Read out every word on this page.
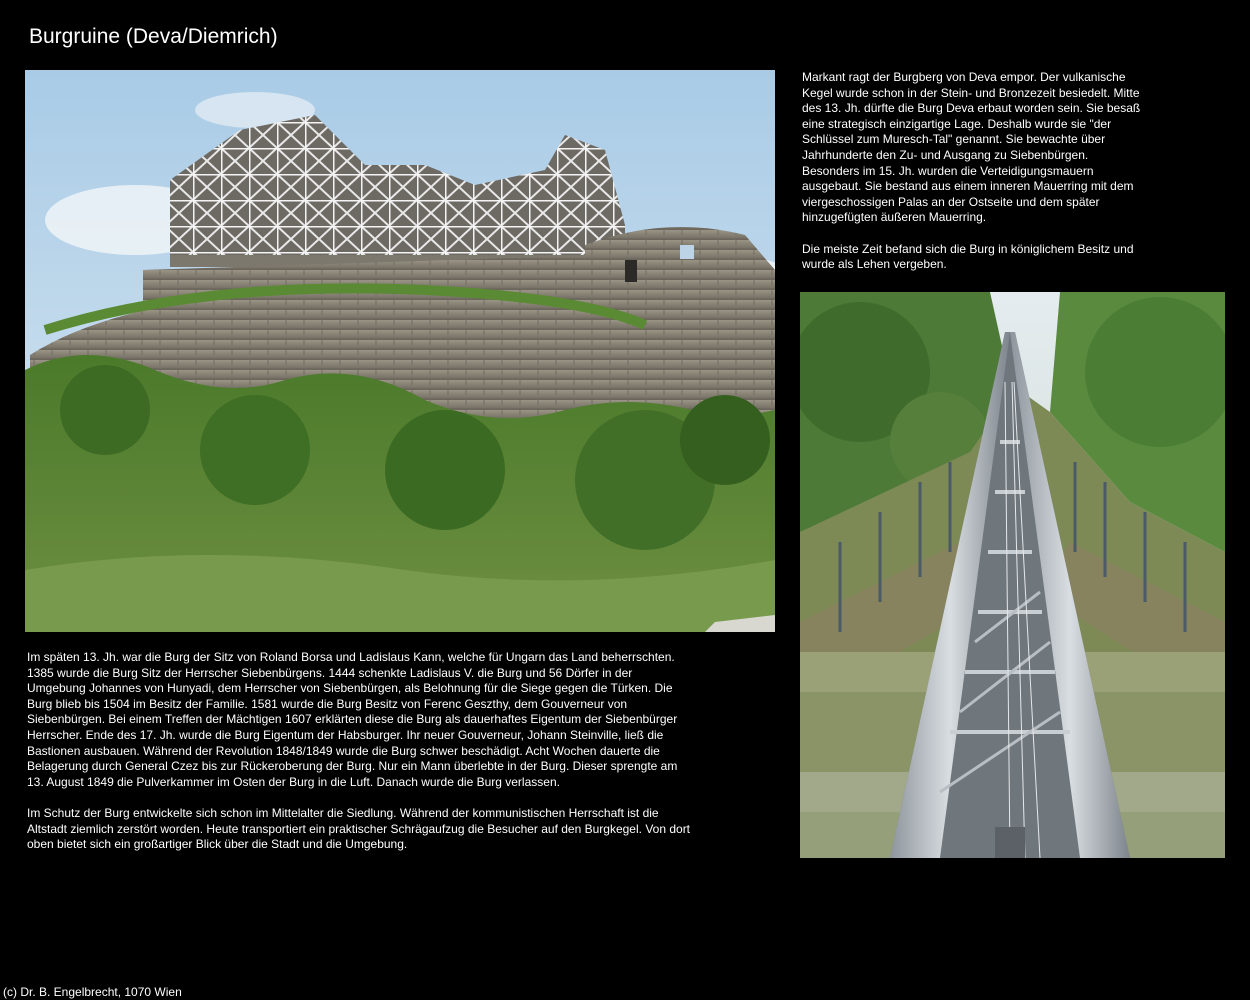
Burgruine (Deva/Diemrich)

Markant ragt der Burgberg von Deva empor. Der vulkanische Kegel wurde schon in der Stein- und Bronzezeit besiedelt. Mitte des 13. Jh. dürfte die Burg Deva erbaut worden sein. Sie besaß eine strategisch einzigartige Lage. Deshalb wurde sie "der Schlüssel zum Muresch-Tal" genannt. Sie bewachte über Jahrhunderte den Zu- und Ausgang zu Siebenbürgen. Besonders im 15. Jh. wurden die Verteidigungsmauern ausgebaut. Sie bestand aus einem inneren Mauerring mit dem viergeschossigen Palas an der Ostseite und dem später hinzugefügten äußeren Mauerring.

Die meiste Zeit befand sich die Burg in königlichem Besitz und wurde als Lehen vergeben.

Im späten 13. Jh. war die Burg der Sitz von Roland Borsa und Ladislaus Kann, welche für Ungarn das Land beherrschten. 1385 wurde die Burg Sitz der Herrscher Siebenbürgens. 1444 schenkte Ladislaus V. die Burg und 56 Dörfer in der Umgebung Johannes von Hunyadi, dem Herrscher von Siebenbürgen, als Belohnung für die Siege gegen die Türken. Die Burg blieb bis 1504 im Besitz der Familie. 1581 wurde die Burg Besitz von Ferenc Geszthy, dem Gouverneur von Siebenbürgen. Bei einem Treffen der Mächtigen 1607 erklärten diese die Burg als dauerhaftes Eigentum der Siebenbürger Herrscher. Ende des 17. Jh. wurde die Burg Eigentum der Habsburger. Ihr neuer Gouverneur, Johann Steinville, ließ die Bastionen ausbauen. Während der Revolution 1848/1849 wurde die Burg schwer beschädigt. Acht Wochen dauerte die Belagerung durch General Czez bis zur Rückeroberung der Burg. Nur ein Mann überlebte in der Burg. Dieser sprengte am 13. August 1849 die Pulverkammer im Osten der Burg in die Luft. Danach wurde die Burg verlassen.

Im Schutz der Burg entwickelte sich schon im Mittelalter die Siedlung. Während der kommunistischen Herrschaft ist die Altstadt ziemlich zerstört worden. Heute transportiert ein praktischer Schrägaufzug die Besucher auf den Burgkegel. Von dort oben bietet sich ein großartiger Blick über die Stadt und die Umgebung.

(c) Dr. B. Engelbrecht, 1070 Wien
